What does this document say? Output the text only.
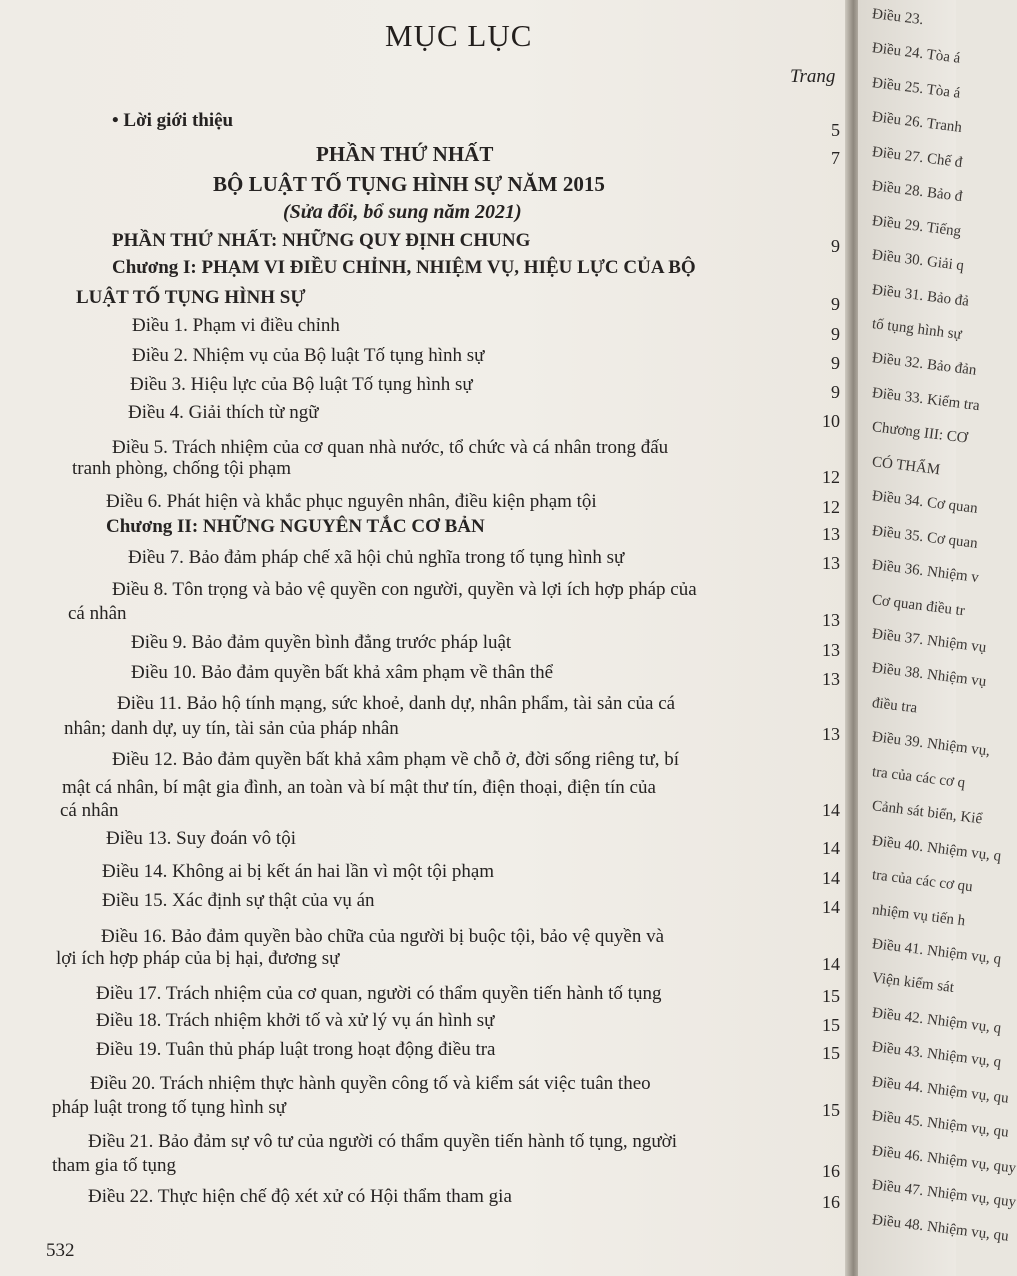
MỤC LỤC
Trang
• Lời giới thiệu	5
PHẦN THỨ NHẤT	7
BỘ LUẬT TỐ TỤNG HÌNH SỰ NĂM 2015
(Sửa đổi, bổ sung năm 2021)
PHẦN THỨ NHẤT: NHỮNG QUY ĐỊNH CHUNG	9
Chương I: PHẠM VI ĐIỀU CHỈNH, NHIỆM VỤ, HIỆU LỰC CỦA BỘ
LUẬT TỐ TỤNG HÌNH SỰ	9
Điều 1. Phạm vi điều chỉnh	9
Điều 2. Nhiệm vụ của Bộ luật Tố tụng hình sự	9
Điều 3. Hiệu lực của Bộ luật Tố tụng hình sự	9
Điều 4. Giải thích từ ngữ	10
Điều 5. Trách nhiệm của cơ quan nhà nước, tổ chức và cá nhân trong đấu
tranh phòng, chống tội phạm	12
Điều 6. Phát hiện và khắc phục nguyên nhân, điều kiện phạm tội	12
Chương II: NHỮNG NGUYÊN TẮC CƠ BẢN	13
Điều 7. Bảo đảm pháp chế xã hội chủ nghĩa trong tố tụng hình sự	13
Điều 8. Tôn trọng và bảo vệ quyền con người, quyền và lợi ích hợp pháp của
cá nhân	13
Điều 9. Bảo đảm quyền bình đẳng trước pháp luật	13
Điều 10. Bảo đảm quyền bất khả xâm phạm về thân thể	13
Điều 11. Bảo hộ tính mạng, sức khoẻ, danh dự, nhân phẩm, tài sản của cá
nhân; danh dự, uy tín, tài sản của pháp nhân	13
Điều 12. Bảo đảm quyền bất khả xâm phạm về chỗ ở, đời sống riêng tư, bí
mật cá nhân, bí mật gia đình, an toàn và bí mật thư tín, điện thoại, điện tín của
cá nhân	14
Điều 13. Suy đoán vô tội	14
Điều 14. Không ai bị kết án hai lần vì một tội phạm	14
Điều 15. Xác định sự thật của vụ án	14
Điều 16. Bảo đảm quyền bào chữa của người bị buộc tội, bảo vệ quyền và
lợi ích hợp pháp của bị hại, đương sự	14
Điều 17. Trách nhiệm của cơ quan, người có thẩm quyền tiến hành tố tụng	15
Điều 18. Trách nhiệm khởi tố và xử lý vụ án hình sự	15
Điều 19. Tuân thủ pháp luật trong hoạt động điều tra	15
Điều 20. Trách nhiệm thực hành quyền công tố và kiểm sát việc tuân theo
pháp luật trong tố tụng hình sự	15
Điều 21. Bảo đảm sự vô tư của người có thẩm quyền tiến hành tố tụng, người
tham gia tố tụng	16
Điều 22. Thực hiện chế độ xét xử có Hội thẩm tham gia	16
532
Điều 23.
Điều 24. Tòa á
Điều 25. Tòa á
Điều 26. Tranh
Điều 27. Chế đ
Điều 28. Bảo đ
Điều 29. Tiếng
Điều 30. Giải q
Điều 31. Bảo đả
tố tụng hình sự
Điều 32. Bảo đản
Điều 33. Kiểm tra
Chương III: CƠ
CÓ THẨM
Điều 34. Cơ quan
Điều 35. Cơ quan
Điều 36. Nhiệm v
Cơ quan điều tr
Điều 37. Nhiệm vụ
Điều 38. Nhiệm vụ
điều tra
Điều 39. Nhiệm vụ,
tra của các cơ q
Cảnh sát biển, Kiể
Điều 40. Nhiệm vụ, q
tra của các cơ qu
nhiệm vụ tiến h
Điều 41. Nhiệm vụ, q
Viện kiểm sát
Điều 42. Nhiệm vụ, q
Điều 43. Nhiệm vụ, q
Điều 44. Nhiệm vụ, qu
Điều 45. Nhiệm vụ, qu
Điều 46. Nhiệm vụ, quy
Điều 47. Nhiệm vụ, quy
Điều 48. Nhiệm vụ, qu
